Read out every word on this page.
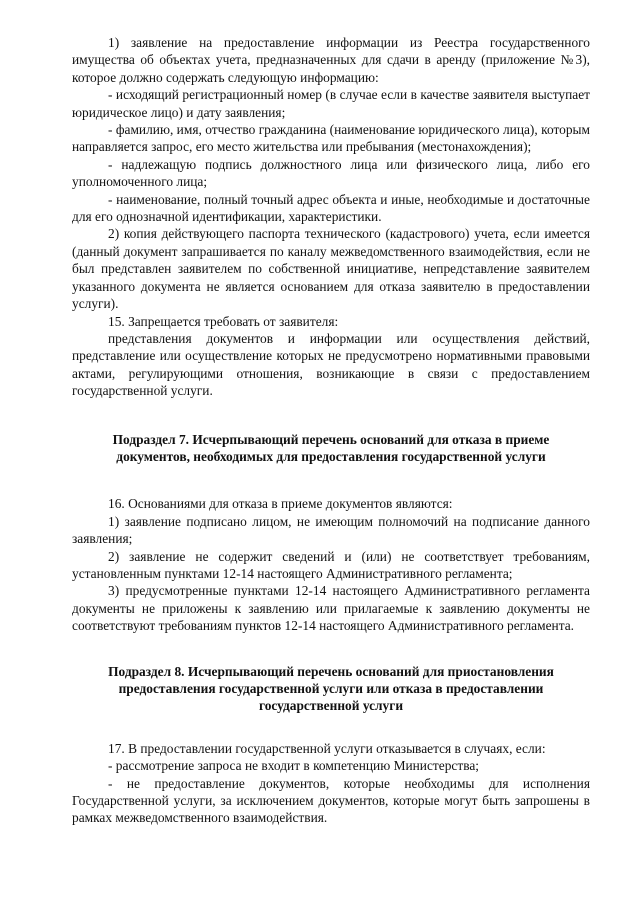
1) заявление на предоставление информации из Реестра государственного имущества об объектах учета, предназначенных для сдачи в аренду (приложение №3), которое должно содержать следующую информацию:

- исходящий регистрационный номер (в случае если в качестве заявителя выступает юридическое лицо) и дату заявления;

- фамилию, имя, отчество гражданина (наименование юридического лица), которым направляется запрос, его место жительства или пребывания (местонахождения);

- надлежащую подпись должностного лица или физического лица, либо его уполномоченного лица;

- наименование, полный точный адрес объекта и иные, необходимые и достаточные для его однозначной идентификации, характеристики.

2) копия действующего паспорта технического (кадастрового) учета, если имеется (данный документ запрашивается по каналу межведомственного взаимодействия, если не был представлен заявителем по собственной инициативе, непредставление заявителем указанного документа не является основанием для отказа заявителю в предоставлении услуги).

15. Запрещается требовать от заявителя:

представления документов и информации или осуществления действий, представление или осуществление которых не предусмотрено нормативными правовыми актами, регулирующими отношения, возникающие в связи с предоставлением государственной услуги.

Подраздел 7. Исчерпывающий перечень оснований для отказа в приеме документов, необходимых для предоставления государственной услуги

16. Основаниями для отказа в приеме документов являются:

1) заявление подписано лицом, не имеющим полномочий на подписание данного заявления;

2) заявление не содержит сведений и (или) не соответствует требованиям, установленным пунктами 12-14 настоящего Административного регламента;

3) предусмотренные пунктами 12-14 настоящего Административного регламента документы не приложены к заявлению или прилагаемые к заявлению документы не соответствуют требованиям пунктов 12-14 настоящего Административного регламента.

Подраздел 8. Исчерпывающий перечень оснований для приостановления предоставления государственной услуги или отказа в предоставлении государственной услуги

17. В предоставлении государственной услуги отказывается в случаях, если:

- рассмотрение запроса не входит в компетенцию Министерства;

- не предоставление документов, которые необходимы для исполнения Государственной услуги, за исключением документов, которые могут быть запрошены в рамках межведомственного взаимодействия.
